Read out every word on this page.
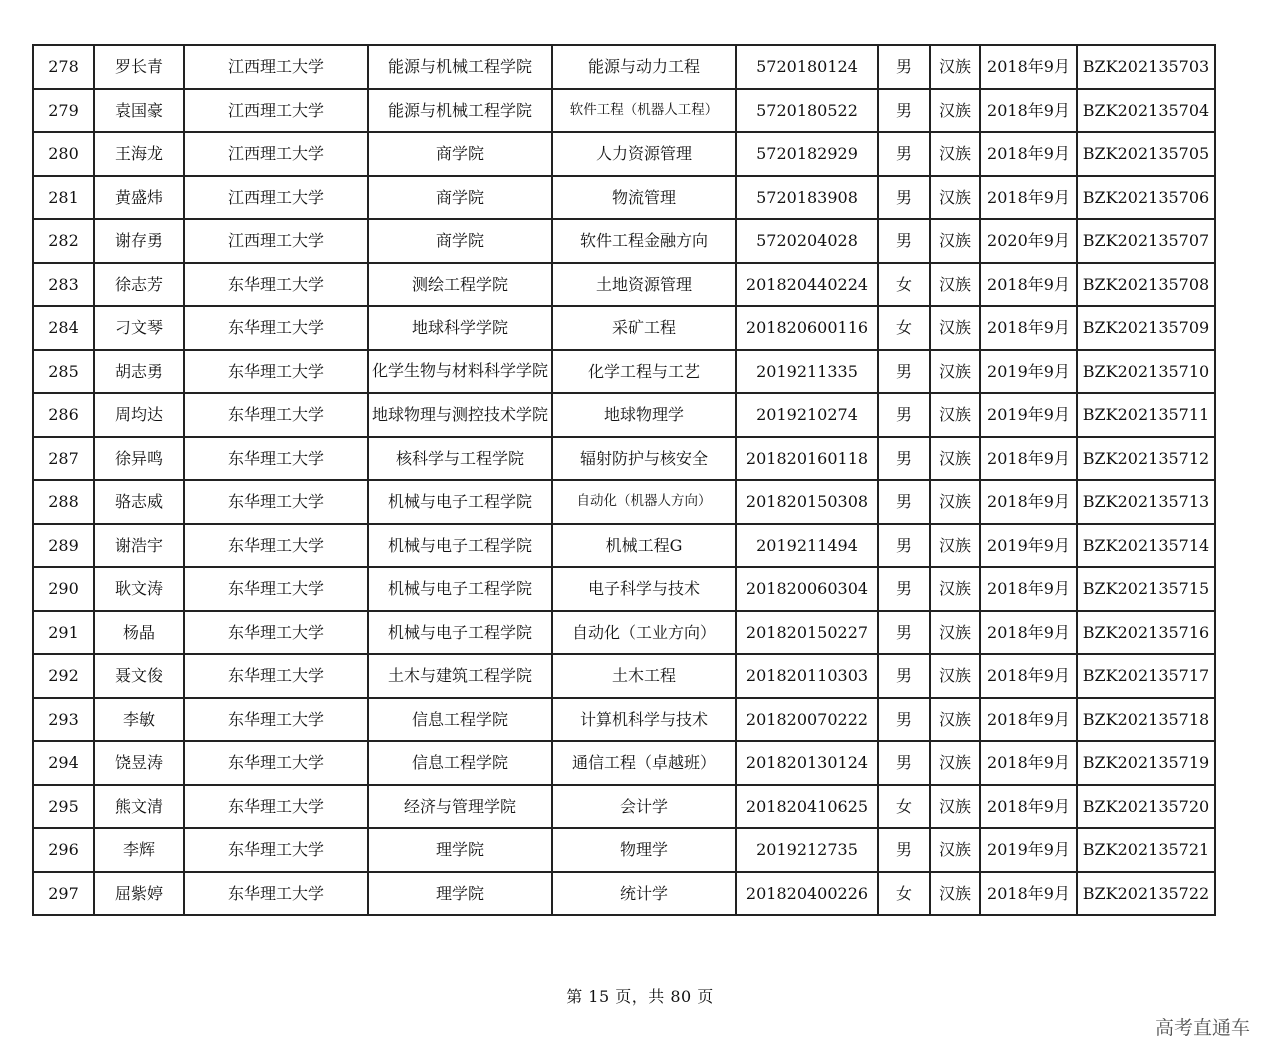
278	罗长青	江西理工大学	能源与机械工程学院	能源与动力工程	5720180124	男	汉族	2018年9月	BZK202135703
279	袁国豪	江西理工大学	能源与机械工程学院	软件工程（机器人工程）	5720180522	男	汉族	2018年9月	BZK202135704
280	王海龙	江西理工大学	商学院	人力资源管理	5720182929	男	汉族	2018年9月	BZK202135705
281	黄盛炜	江西理工大学	商学院	物流管理	5720183908	男	汉族	2018年9月	BZK202135706
282	谢存勇	江西理工大学	商学院	软件工程金融方向	5720204028	男	汉族	2020年9月	BZK202135707
283	徐志芳	东华理工大学	测绘工程学院	土地资源管理	201820440224	女	汉族	2018年9月	BZK202135708
284	刁文琴	东华理工大学	地球科学学院	采矿工程	201820600116	女	汉族	2018年9月	BZK202135709
285	胡志勇	东华理工大学	化学生物与材料科学学院	化学工程与工艺	2019211335	男	汉族	2019年9月	BZK202135710
286	周均达	东华理工大学	地球物理与测控技术学院	地球物理学	2019210274	男	汉族	2019年9月	BZK202135711
287	徐异鸣	东华理工大学	核科学与工程学院	辐射防护与核安全	201820160118	男	汉族	2018年9月	BZK202135712
288	骆志威	东华理工大学	机械与电子工程学院	自动化（机器人方向）	201820150308	男	汉族	2018年9月	BZK202135713
289	谢浩宇	东华理工大学	机械与电子工程学院	机械工程G	2019211494	男	汉族	2019年9月	BZK202135714
290	耿文涛	东华理工大学	机械与电子工程学院	电子科学与技术	201820060304	男	汉族	2018年9月	BZK202135715
291	杨晶	东华理工大学	机械与电子工程学院	自动化（工业方向）	201820150227	男	汉族	2018年9月	BZK202135716
292	聂文俊	东华理工大学	土木与建筑工程学院	土木工程	201820110303	男	汉族	2018年9月	BZK202135717
293	李敏	东华理工大学	信息工程学院	计算机科学与技术	201820070222	男	汉族	2018年9月	BZK202135718
294	饶昱涛	东华理工大学	信息工程学院	通信工程（卓越班）	201820130124	男	汉族	2018年9月	BZK202135719
295	熊文清	东华理工大学	经济与管理学院	会计学	201820410625	女	汉族	2018年9月	BZK202135720
296	李辉	东华理工大学	理学院	物理学	2019212735	男	汉族	2019年9月	BZK202135721
297	屈紫婷	东华理工大学	理学院	统计学	201820400226	女	汉族	2018年9月	BZK202135722
第 15 页，共 80 页
高考直通车
